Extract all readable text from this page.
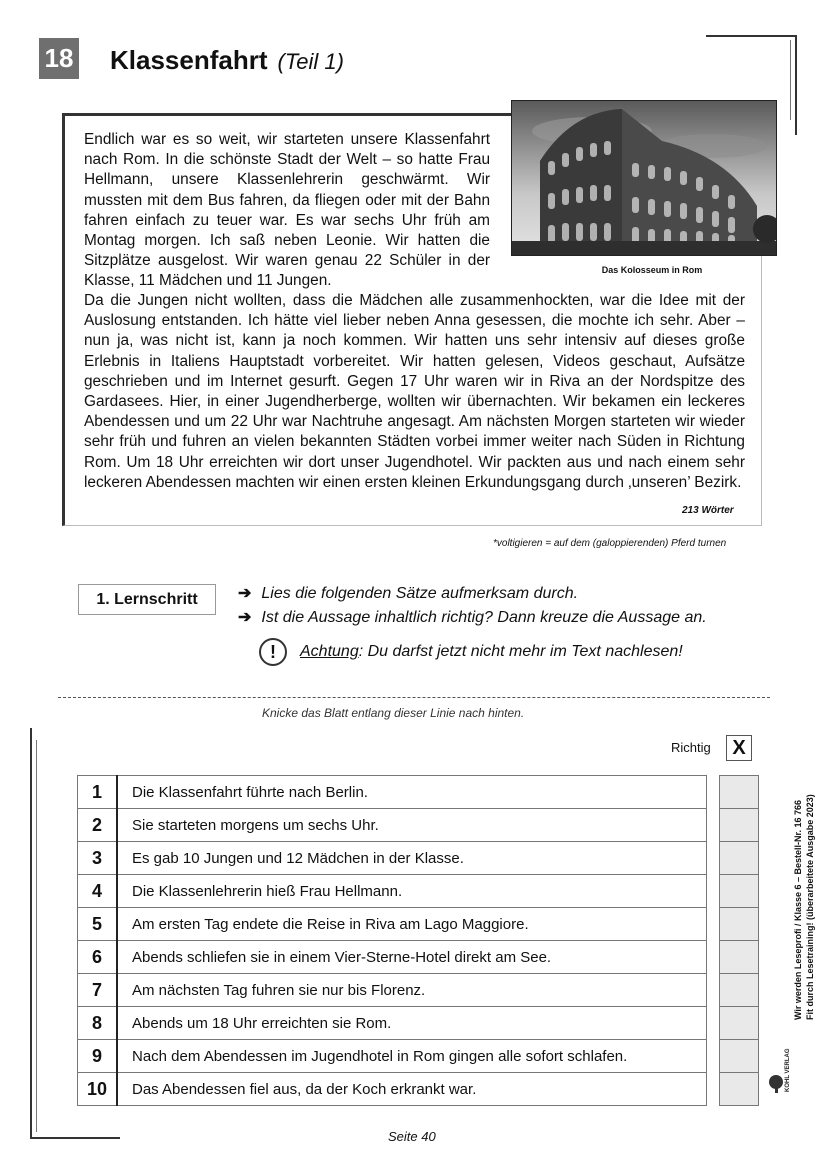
18 Klassenfahrt (Teil 1)
Das Kolosseum in Rom
Endlich war es so weit, wir starteten unsere Klassenfahrt nach Rom. In die schönste Stadt der Welt – so hatte Frau Hellmann, unsere Klassenlehrerin geschwärmt. Wir mussten mit dem Bus fahren, da fliegen oder mit der Bahn fahren einfach zu teuer war. Es war sechs Uhr früh am Montag morgen. Ich saß neben Leonie. Wir hatten die Sitzplätze ausgelost. Wir waren genau 22 Schüler in der Klasse, 11 Mädchen und 11 Jungen.
Da die Jungen nicht wollten, dass die Mädchen alle zusammenhockten, war die Idee mit der Auslosung entstanden. Ich hätte viel lieber neben Anna gesessen, die mochte ich sehr. Aber – nun ja, was nicht ist, kann ja noch kommen. Wir hatten uns sehr intensiv auf dieses große Erlebnis in Italiens Hauptstadt vorbereitet. Wir hatten gelesen, Videos geschaut, Aufsätze geschrieben und im Internet gesurft. Gegen 17 Uhr waren wir in Riva an der Nordspitze des Gardasees. Hier, in einer Jugendherberge, wollten wir übernachten. Wir bekamen ein leckeres Abendessen und um 22 Uhr war Nachtruhe angesagt. Am nächsten Morgen starteten wir wieder sehr früh und fuhren an vielen bekannten Städten vorbei immer weiter nach Süden in Richtung Rom. Um 18 Uhr erreichten wir dort unser Jugendhotel. Wir packten aus und nach einem sehr leckeren Abendessen machten wir einen ersten kleinen Erkundungsgang durch ‚unseren’ Bezirk.
213 Wörter
*voltigieren = auf dem (galoppierenden) Pferd turnen
1. Lernschritt	➔ Lies die folgenden Sätze aufmerksam durch.
➔ Ist die Aussage inhaltlich richtig? Dann kreuze die Aussage an.
!	Achtung: Du darfst jetzt nicht mehr im Text nachlesen!
Knicke das Blatt entlang dieser Linie nach hinten.
Richtig	X
1	Die Klassenfahrt führte nach Berlin.
2	Sie starteten morgens um sechs Uhr.
3	Es gab 10 Jungen und 12 Mädchen in der Klasse.
4	Die Klassenlehrerin hieß Frau Hellmann.
5	Am ersten Tag endete die Reise in Riva am Lago Maggiore.
6	Abends schliefen sie in einem Vier-Sterne-Hotel direkt am See.
7	Am nächsten Tag fuhren sie nur bis Florenz.
8	Abends um 18 Uhr erreichten sie Rom.
9	Nach dem Abendessen im Jugendhotel in Rom gingen alle sofort schlafen.
10	Das Abendessen fiel aus, da der Koch erkrankt war.

Wir werden Leseprofi / Klasse 6 – Bestell-Nr. 16 766 Fit durch Lesetraining! (überarbeitete Ausgabe 2023)
KOHL VERLAG
Seite 40
